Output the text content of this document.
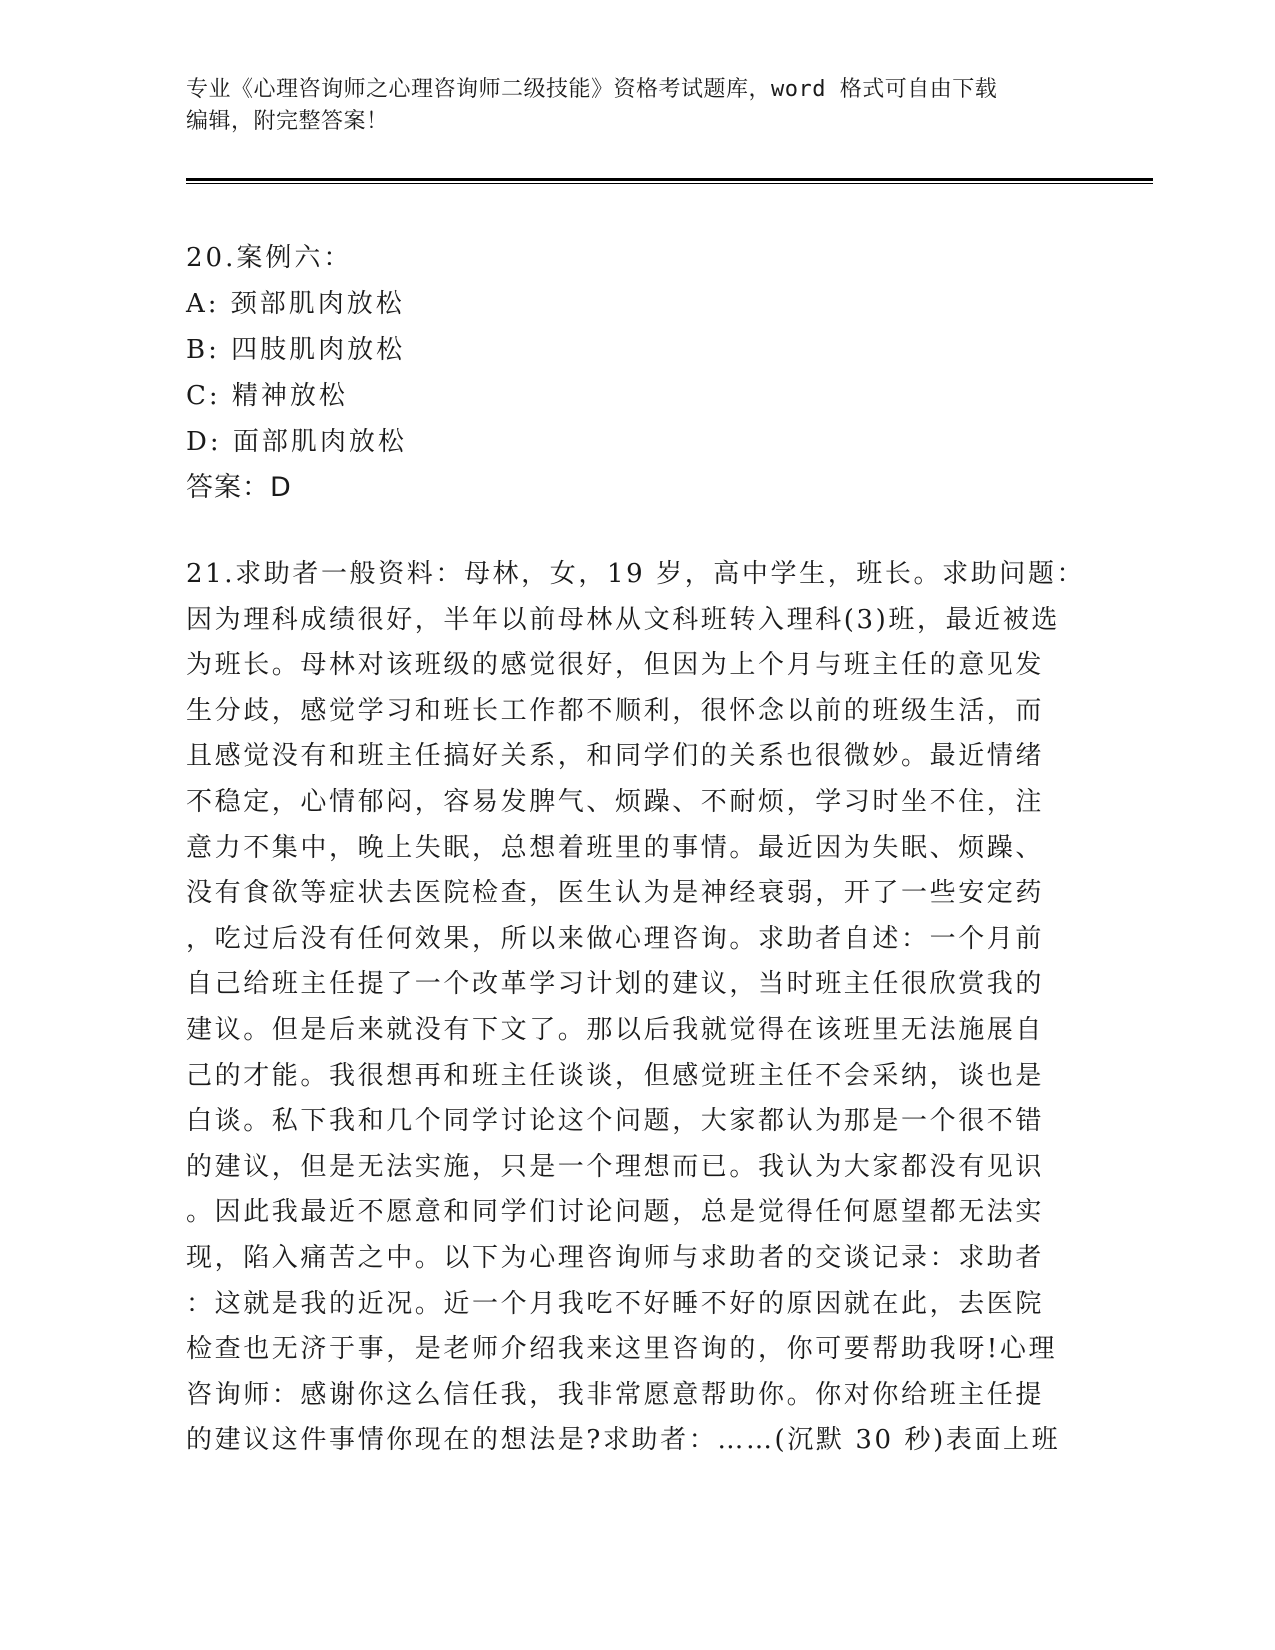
专业《心理咨询师之心理咨询师二级技能》资格考试题库，word 格式可自由下载

编辑，附完整答案！

20.案例六：
A: 颈部肌肉放松
B: 四肢肌肉放松
C: 精神放松
D: 面部肌肉放松
答案：D
21.求助者一般资料：母林，女，19 岁，高中学生，班长。求助问题：
因为理科成绩很好，半年以前母林从文科班转入理科(3)班，最近被选
为班长。母林对该班级的感觉很好，但因为上个月与班主任的意见发
生分歧，感觉学习和班长工作都不顺利，很怀念以前的班级生活，而
且感觉没有和班主任搞好关系，和同学们的关系也很微妙。最近情绪
不稳定，心情郁闷，容易发脾气、烦躁、不耐烦，学习时坐不住，注
意力不集中，晚上失眠，总想着班里的事情。最近因为失眠、烦躁、
没有食欲等症状去医院检查，医生认为是神经衰弱，开了一些安定药
，吃过后没有任何效果，所以来做心理咨询。求助者自述：一个月前
自己给班主任提了一个改革学习计划的建议，当时班主任很欣赏我的
建议。但是后来就没有下文了。那以后我就觉得在该班里无法施展自
己的才能。我很想再和班主任谈谈，但感觉班主任不会采纳，谈也是
白谈。私下我和几个同学讨论这个问题，大家都认为那是一个很不错
的建议，但是无法实施，只是一个理想而已。我认为大家都没有见识
。因此我最近不愿意和同学们讨论问题，总是觉得任何愿望都无法实
现，陷入痛苦之中。以下为心理咨询师与求助者的交谈记录：求助者
：这就是我的近况。近一个月我吃不好睡不好的原因就在此，去医院
检查也无济于事，是老师介绍我来这里咨询的，你可要帮助我呀!心理
咨询师：感谢你这么信任我，我非常愿意帮助你。你对你给班主任提
的建议这件事情你现在的想法是?求助者：……(沉默 30 秒)表面上班
